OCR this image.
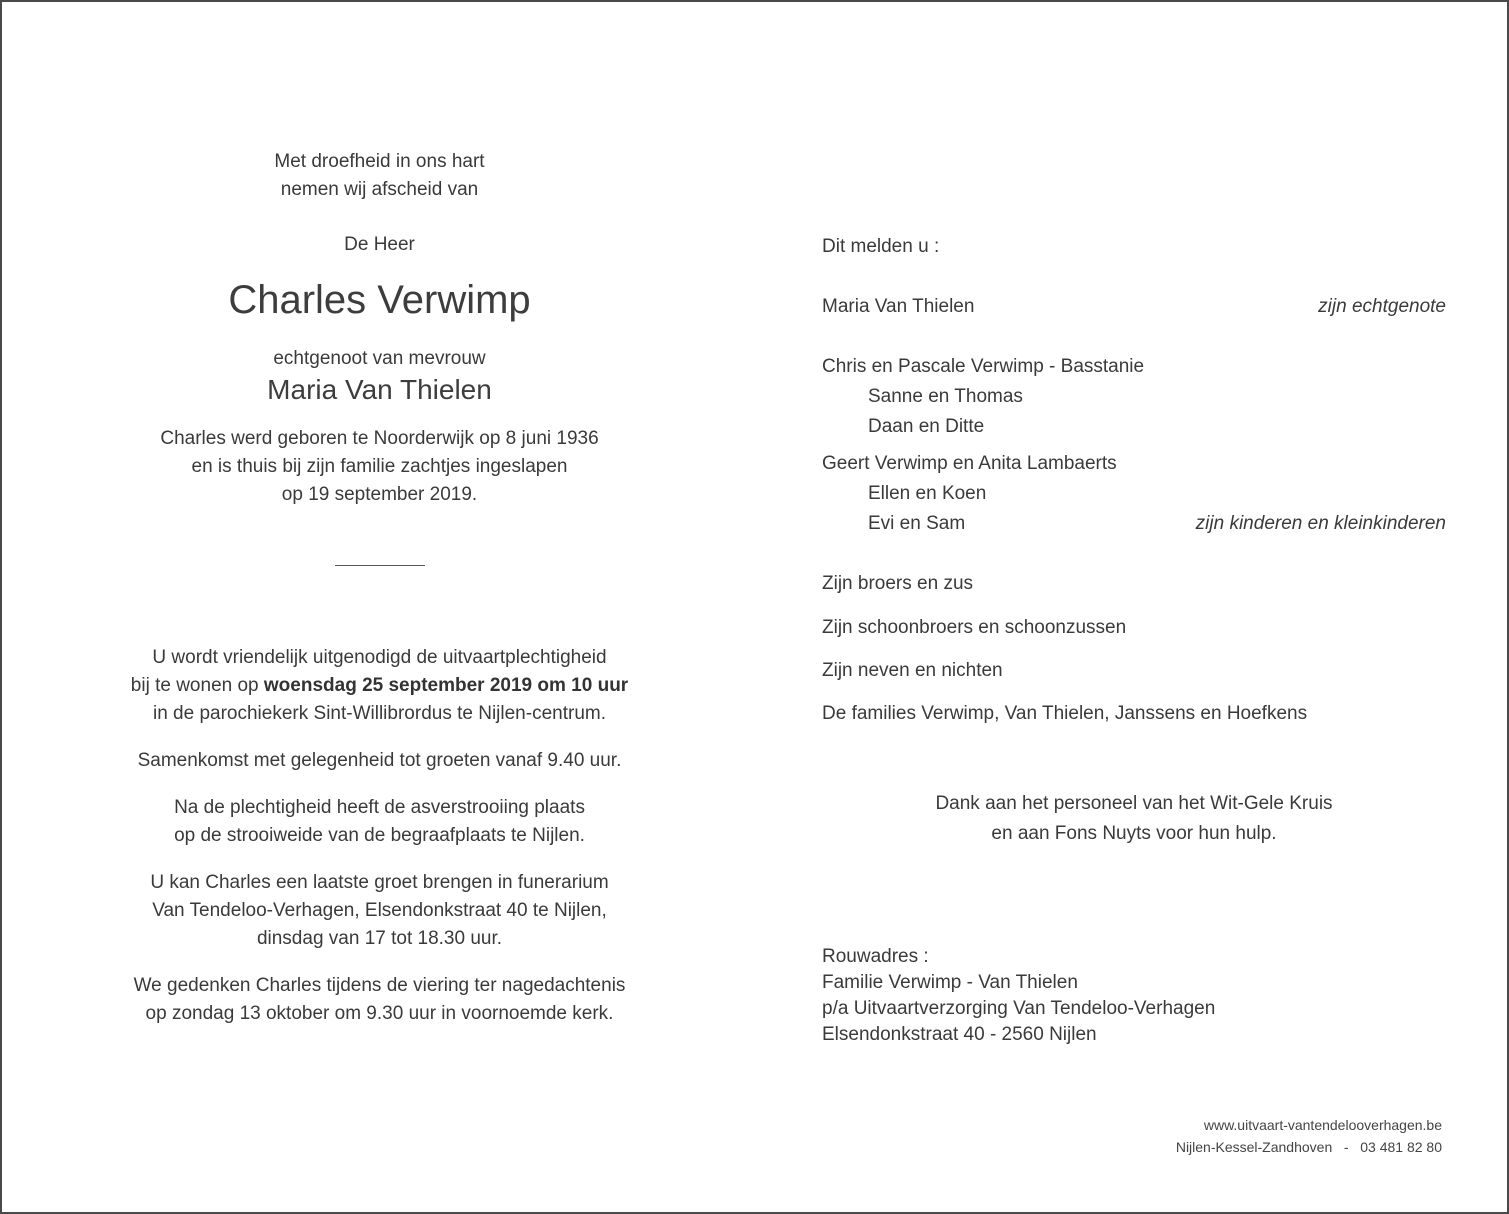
Met droefheid in ons hart

nemen wij afscheid van

De Heer

Charles Verwimp

echtgenoot van mevrouw

Maria Van Thielen

Charles werd geboren te Noorderwijk op 8 juni 1936

en is thuis bij zijn familie zachtjes ingeslapen

op 19 september 2019.

U wordt vriendelijk uitgenodigd de uitvaartplechtigheid

bij te wonen op woensdag 25 september 2019 om 10 uur

in de parochiekerk Sint-Willibrordus te Nijlen-centrum.

Samenkomst met gelegenheid tot groeten vanaf 9.40 uur.

Na de plechtigheid heeft de asverstrooiing plaats

op de strooiweide van de begraafplaats te Nijlen.

U kan Charles een laatste groet brengen in funerarium

Van Tendeloo-Verhagen, Elsendonkstraat 40 te Nijlen,

dinsdag van 17 tot 18.30 uur.

We gedenken Charles tijdens de viering ter nagedachtenis

op zondag 13 oktober om 9.30 uur in voornoemde kerk.

Dit melden u :

Maria Van Thielen	zijn echtgenote

Chris en Pascale Verwimp - Basstanie

Sanne en Thomas

Daan en Ditte

Geert Verwimp en Anita Lambaerts

Ellen en Koen

Evi en Sam	zijn kinderen en kleinkinderen

Zijn broers en zus

Zijn schoonbroers en schoonzussen

Zijn neven en nichten

De families Verwimp, Van Thielen, Janssens en Hoefkens

Dank aan het personeel van het Wit-Gele Kruis

en aan Fons Nuyts voor hun hulp.

Rouwadres :

Familie Verwimp - Van Thielen

p/a Uitvaartverzorging Van Tendeloo-Verhagen

Elsendonkstraat 40 - 2560 Nijlen

www.uitvaart-vantendelooverhagen.be

Nijlen-Kessel-Zandhoven   -   03 481 82 80
